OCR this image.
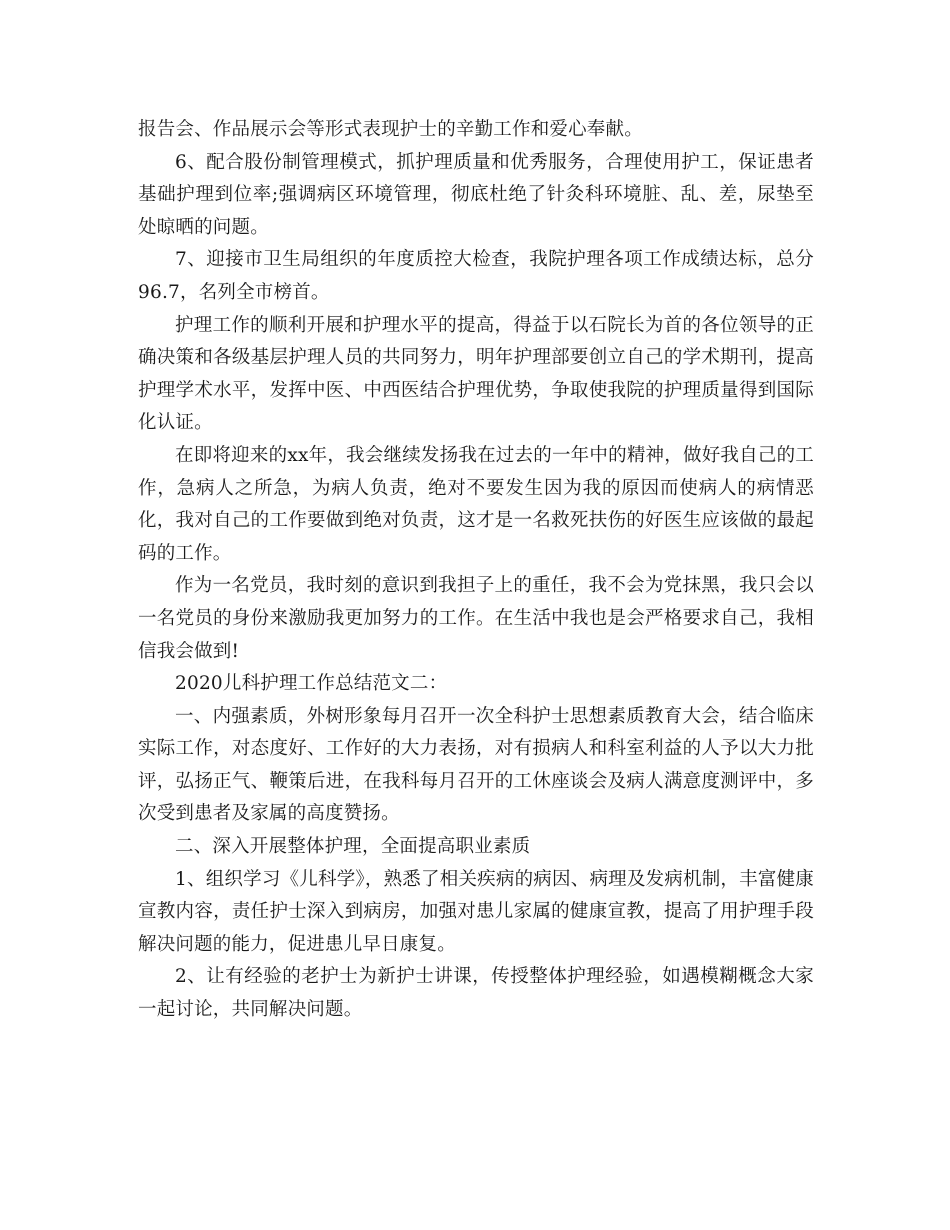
报告会、作品展示会等形式表现护士的辛勤工作和爱心奉献。

6、配合股份制管理模式，抓护理质量和优秀服务，合理使用护工，保证患者基础护理到位率;强调病区环境管理，彻底杜绝了针灸科环境脏、乱、差，尿垫至处晾晒的问题。

7、迎接市卫生局组织的年度质控大检查，我院护理各项工作成绩达标，总分96.7，名列全市榜首。

护理工作的顺利开展和护理水平的提高，得益于以石院长为首的各位领导的正确决策和各级基层护理人员的共同努力，明年护理部要创立自己的学术期刊，提高护理学术水平，发挥中医、中西医结合护理优势，争取使我院的护理质量得到国际化认证。

在即将迎来的xx年，我会继续发扬我在过去的一年中的精神，做好我自己的工作，急病人之所急，为病人负责，绝对不要发生因为我的原因而使病人的病情恶化，我对自己的工作要做到绝对负责，这才是一名救死扶伤的好医生应该做的最起码的工作。

作为一名党员，我时刻的意识到我担子上的重任，我不会为党抹黑，我只会以一名党员的身份来激励我更加努力的工作。在生活中我也是会严格要求自己，我相信我会做到!

2020儿科护理工作总结范文二：

一、内强素质，外树形象每月召开一次全科护士思想素质教育大会，结合临床实际工作，对态度好、工作好的大力表扬，对有损病人和科室利益的人予以大力批评，弘扬正气、鞭策后进，在我科每月召开的工休座谈会及病人满意度测评中，多次受到患者及家属的高度赞扬。

二、深入开展整体护理，全面提高职业素质

1、组织学习《儿科学》，熟悉了相关疾病的病因、病理及发病机制，丰富健康宣教内容，责任护士深入到病房，加强对患儿家属的健康宣教，提高了用护理手段解决问题的能力，促进患儿早日康复。

2、让有经验的老护士为新护士讲课，传授整体护理经验，如遇模糊概念大家一起讨论，共同解决问题。
